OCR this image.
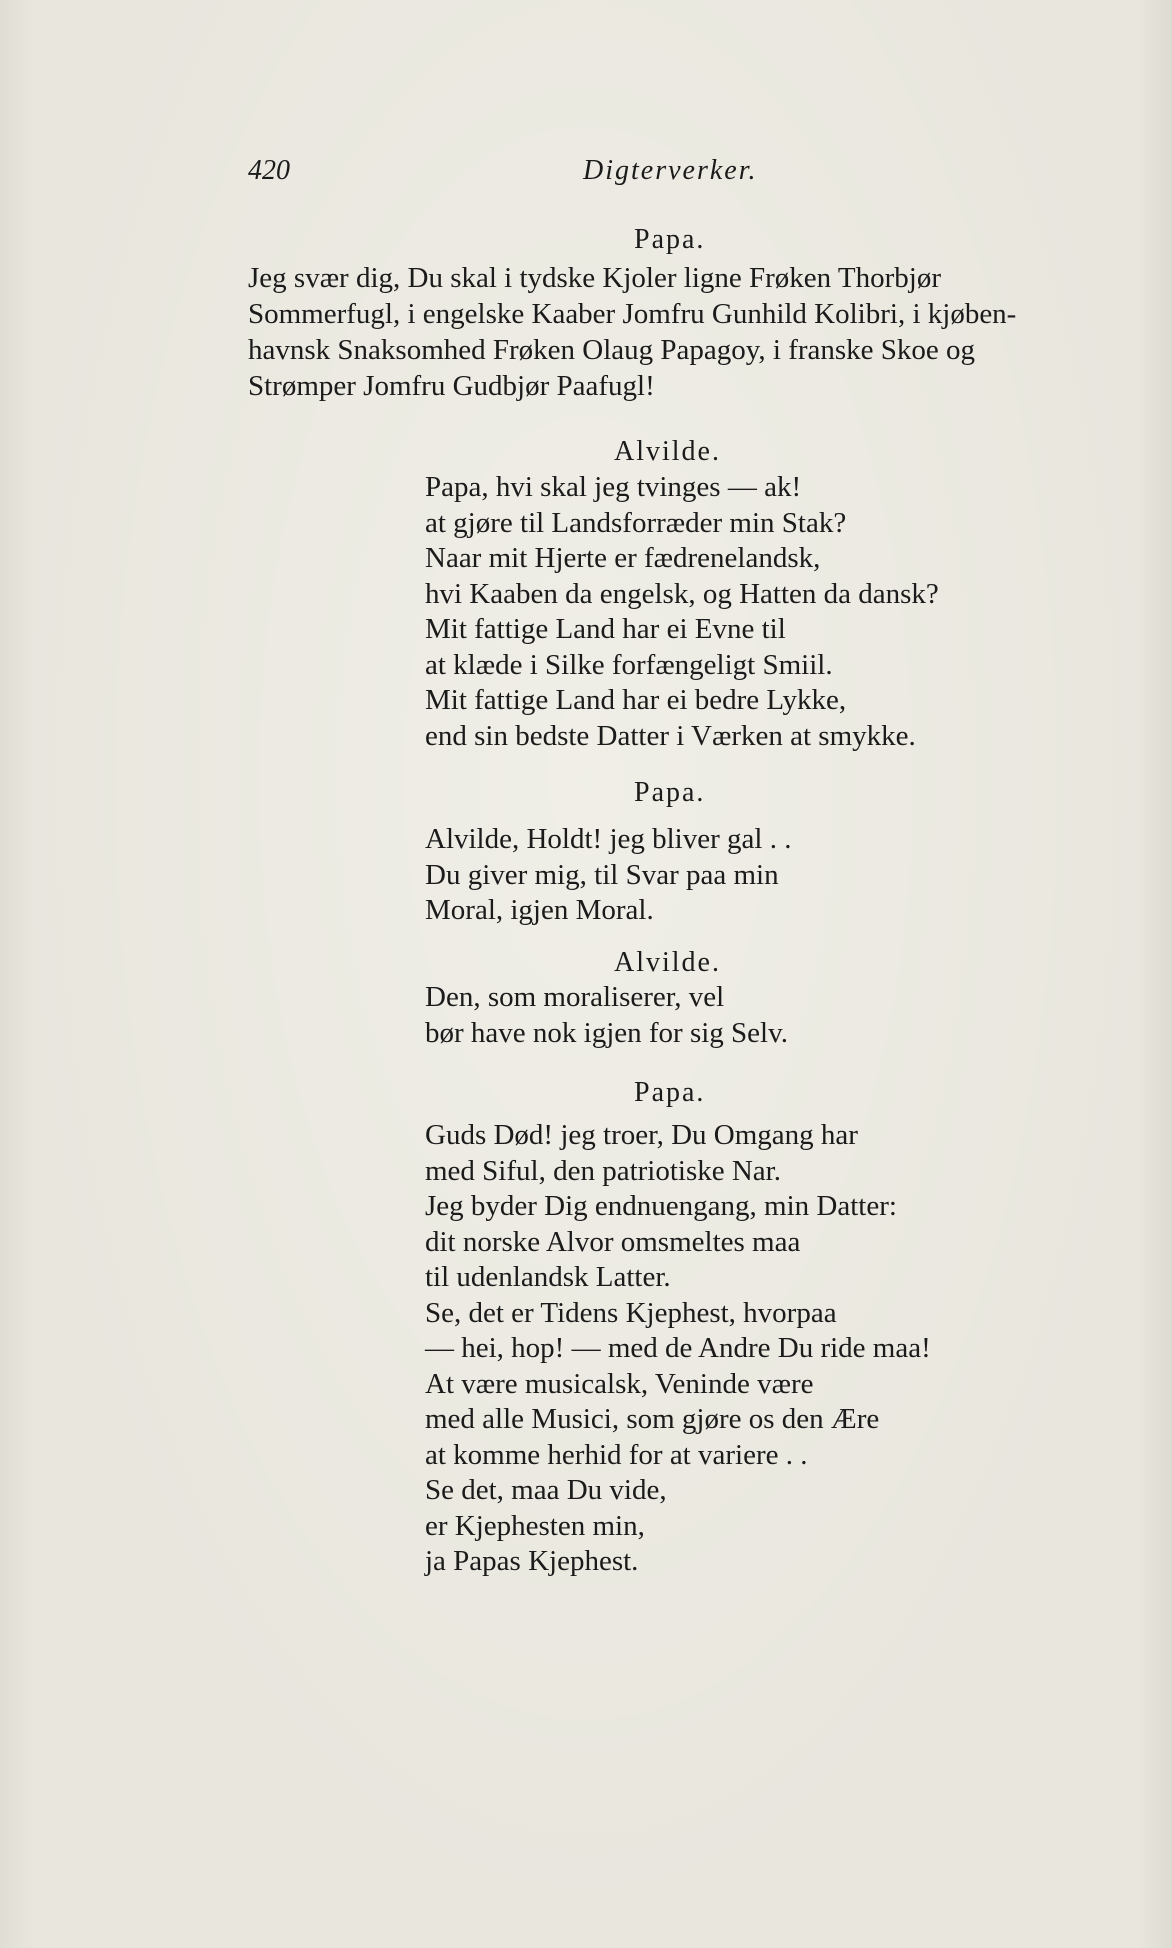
420	Digterverker.
Papa.
Jeg svær dig, Du skal i tydske Kjoler ligne Frøken Thorbjør
Sommerfugl, i engelske Kaaber Jomfru Gunhild Kolibri, i kjøben-
havnsk Snaksomhed Frøken Olaug Papagoy, i franske Skoe og
Strømper Jomfru Gudbjør Paafugl!
Alvilde.
Papa, hvi skal jeg tvinges — ak!
at gjøre til Landsforræder min Stak?
Naar mit Hjerte er fædrenelandsk,
hvi Kaaben da engelsk, og Hatten da dansk?
Mit fattige Land har ei Evne til
at klæde i Silke forfængeligt Smiil.
Mit fattige Land har ei bedre Lykke,
end sin bedste Datter i Værken at smykke.
Papa.
Alvilde, Holdt! jeg bliver gal . .
Du giver mig, til Svar paa min
Moral, igjen Moral.
Alvilde.
Den, som moraliserer, vel
bør have nok igjen for sig Selv.
Papa.
Guds Død! jeg troer, Du Omgang har
med Siful, den patriotiske Nar.
Jeg byder Dig endnuengang, min Datter:
dit norske Alvor omsmeltes maa
til udenlandsk Latter.
Se, det er Tidens Kjephest, hvorpaa
— hei, hop! — med de Andre Du ride maa!
At være musicalsk, Veninde være
med alle Musici, som gjøre os den Ære
at komme herhid for at variere . .
Se det, maa Du vide,
er Kjephesten min,
ja Papas Kjephest.
